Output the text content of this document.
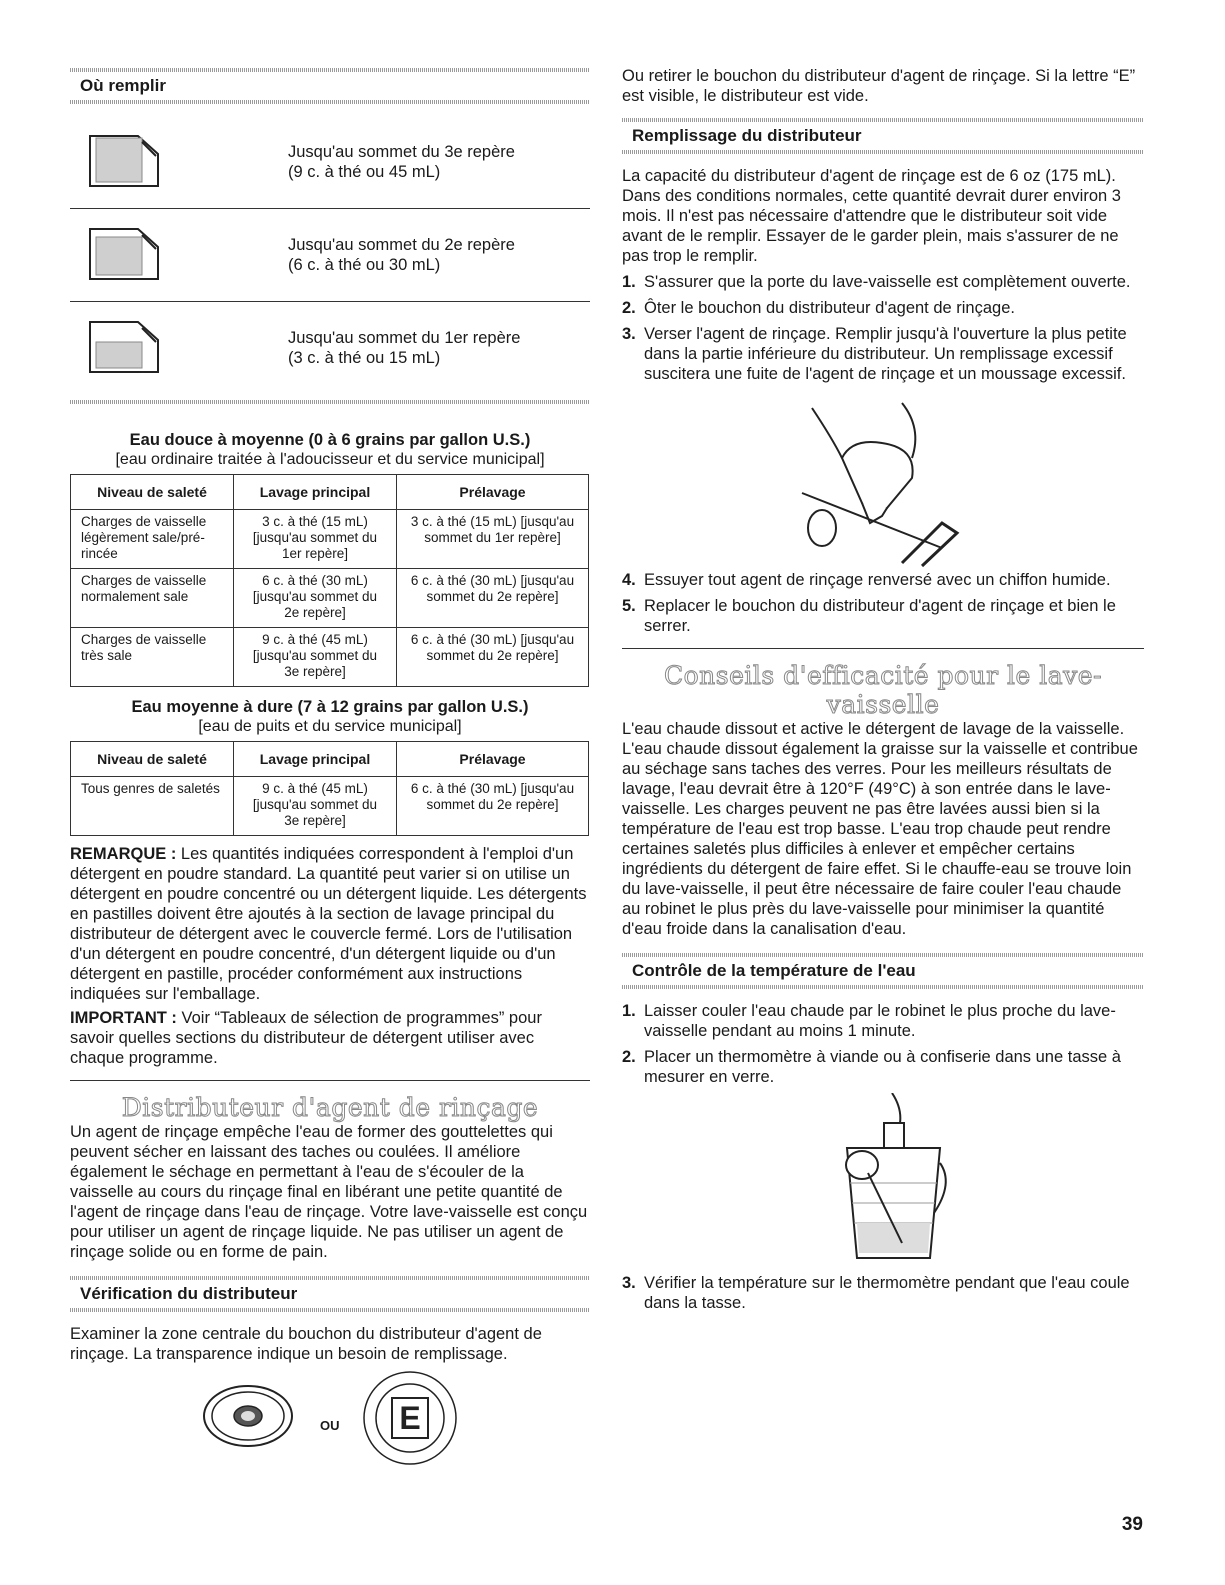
Où remplir
Jusqu'au sommet du 3e repère
(9 c. à thé ou 45 mL)
Jusqu'au sommet du 2e repère
(6 c. à thé ou 30 mL)
Jusqu'au sommet du 1er repère
(3 c. à thé ou 15 mL)
Eau douce à moyenne (0 à 6 grains par gallon U.S.)
[eau ordinaire traitée à l'adoucisseur et du service municipal]
Niveau de saleté	Lavage principal	Prélavage
Charges de vaisselle légèrement sale/pré-rincée	3 c. à thé (15 mL) [jusqu'au sommet du 1er repère]	3 c. à thé (15 mL) [jusqu'au sommet du 1er repère]
Charges de vaisselle normalement sale	6 c. à thé (30 mL) [jusqu'au sommet du 2e repère]	6 c. à thé (30 mL) [jusqu'au sommet du 2e repère]
Charges de vaisselle très sale	9 c. à thé (45 mL) [jusqu'au sommet du 3e repère]	6 c. à thé (30 mL) [jusqu'au sommet du 2e repère]
Eau moyenne à dure (7 à 12 grains par gallon U.S.)
[eau de puits et du service municipal]
Niveau de saleté	Lavage principal	Prélavage
Tous genres de saletés	9 c. à thé (45 mL) [jusqu'au sommet du 3e repère]	6 c. à thé (30 mL) [jusqu'au sommet du 2e repère]
REMARQUE : Les quantités indiquées correspondent à l'emploi d'un détergent en poudre standard. La quantité peut varier si on utilise un détergent en poudre concentré ou un détergent liquide. Les détergents en pastilles doivent être ajoutés à la section de lavage principal du distributeur de détergent avec le couvercle fermé. Lors de l'utilisation d'un détergent en poudre concentré, d'un détergent liquide ou d'un détergent en pastille, procéder conformément aux instructions indiquées sur l'emballage.
IMPORTANT : Voir “Tableaux de sélection de programmes” pour savoir quelles sections du distributeur de détergent utiliser avec chaque programme.
Distributeur d'agent de rinçage
Un agent de rinçage empêche l'eau de former des gouttelettes qui peuvent sécher en laissant des taches ou coulées. Il améliore également le séchage en permettant à l'eau de s'écouler de la vaisselle au cours du rinçage final en libérant une petite quantité de l'agent de rinçage dans l'eau de rinçage. Votre lave-vaisselle est conçu pour utiliser un agent de rinçage liquide. Ne pas utiliser un agent de rinçage solide ou en forme de pain.
Vérification du distributeur
Examiner la zone centrale du bouchon du distributeur d'agent de rinçage. La transparence indique un besoin de remplissage.
OU E
Ou retirer le bouchon du distributeur d'agent de rinçage. Si la lettre “E” est visible, le distributeur est vide.
Remplissage du distributeur
La capacité du distributeur d'agent de rinçage est de 6 oz (175 mL). Dans des conditions normales, cette quantité devrait durer environ 3 mois. Il n'est pas nécessaire d'attendre que le distributeur soit vide avant de le remplir. Essayer de le garder plein, mais s'assurer de ne pas trop le remplir.
1. S'assurer que la porte du lave-vaisselle est complètement ouverte.
2. Ôter le bouchon du distributeur d'agent de rinçage.
3. Verser l'agent de rinçage. Remplir jusqu'à l'ouverture la plus petite dans la partie inférieure du distributeur. Un remplissage excessif suscitera une fuite de l'agent de rinçage et un moussage excessif.
4. Essuyer tout agent de rinçage renversé avec un chiffon humide.
5. Replacer le bouchon du distributeur d'agent de rinçage et bien le serrer.
Conseils d'efficacité pour le lave-vaisselle
L'eau chaude dissout et active le détergent de lavage de la vaisselle. L'eau chaude dissout également la graisse sur la vaisselle et contribue au séchage sans taches des verres. Pour les meilleurs résultats de lavage, l'eau devrait être à 120°F (49°C) à son entrée dans le lave-vaisselle. Les charges peuvent ne pas être lavées aussi bien si la température de l'eau est trop basse. L'eau trop chaude peut rendre certaines saletés plus difficiles à enlever et empêcher certains ingrédients du détergent de faire effet. Si le chauffe-eau se trouve loin du lave-vaisselle, il peut être nécessaire de faire couler l'eau chaude au robinet le plus près du lave-vaisselle pour minimiser la quantité d'eau froide dans la canalisation d'eau.
Contrôle de la température de l'eau
1. Laisser couler l'eau chaude par le robinet le plus proche du lave-vaisselle pendant au moins 1 minute.
2. Placer un thermomètre à viande ou à confiserie dans une tasse à mesurer en verre.
3. Vérifier la température sur le thermomètre pendant que l'eau coule dans la tasse.
39
